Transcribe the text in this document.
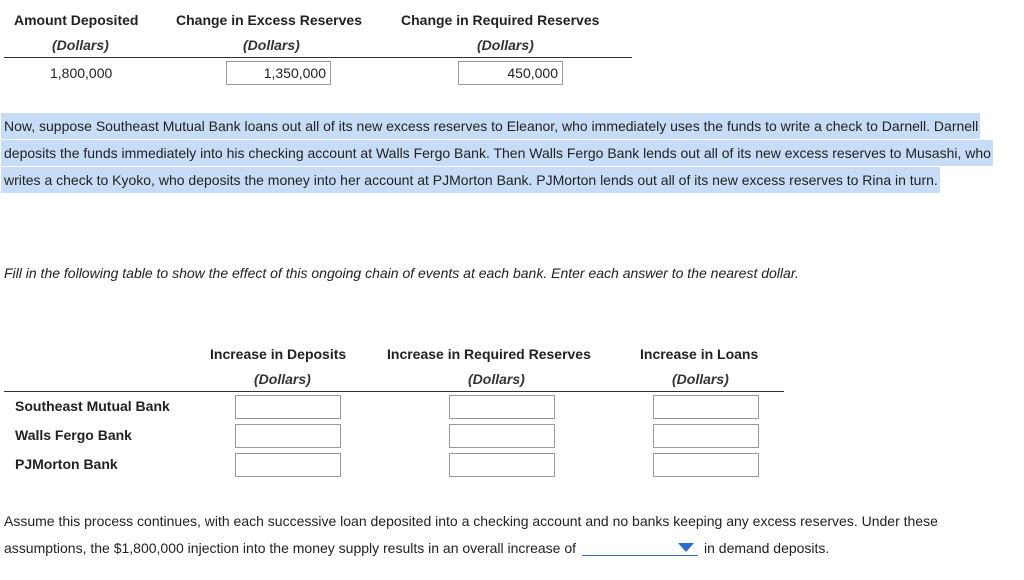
Amount Deposited	Change in Excess Reserves	Change in Required Reserves
(Dollars)	(Dollars)	(Dollars)
1,800,000	1,350,000	450,000
Now, suppose Southeast Mutual Bank loans out all of its new excess reserves to Eleanor, who immediately uses the funds to write a check to Darnell. Darnell deposits the funds immediately into his checking account at Walls Fergo Bank. Then Walls Fergo Bank lends out all of its new excess reserves to Musashi, who writes a check to Kyoko, who deposits the money into her account at PJMorton Bank. PJMorton lends out all of its new excess reserves to Rina in turn.
Fill in the following table to show the effect of this ongoing chain of events at each bank. Enter each answer to the nearest dollar.
Increase in Deposits	Increase in Required Reserves	Increase in Loans
(Dollars)	(Dollars)	(Dollars)
Southeast Mutual Bank
Walls Fergo Bank
PJMorton Bank
Assume this process continues, with each successive loan deposited into a checking account and no banks keeping any excess reserves. Under these
assumptions, the $1,800,000 injection into the money supply results in an overall increase of	in demand deposits.
